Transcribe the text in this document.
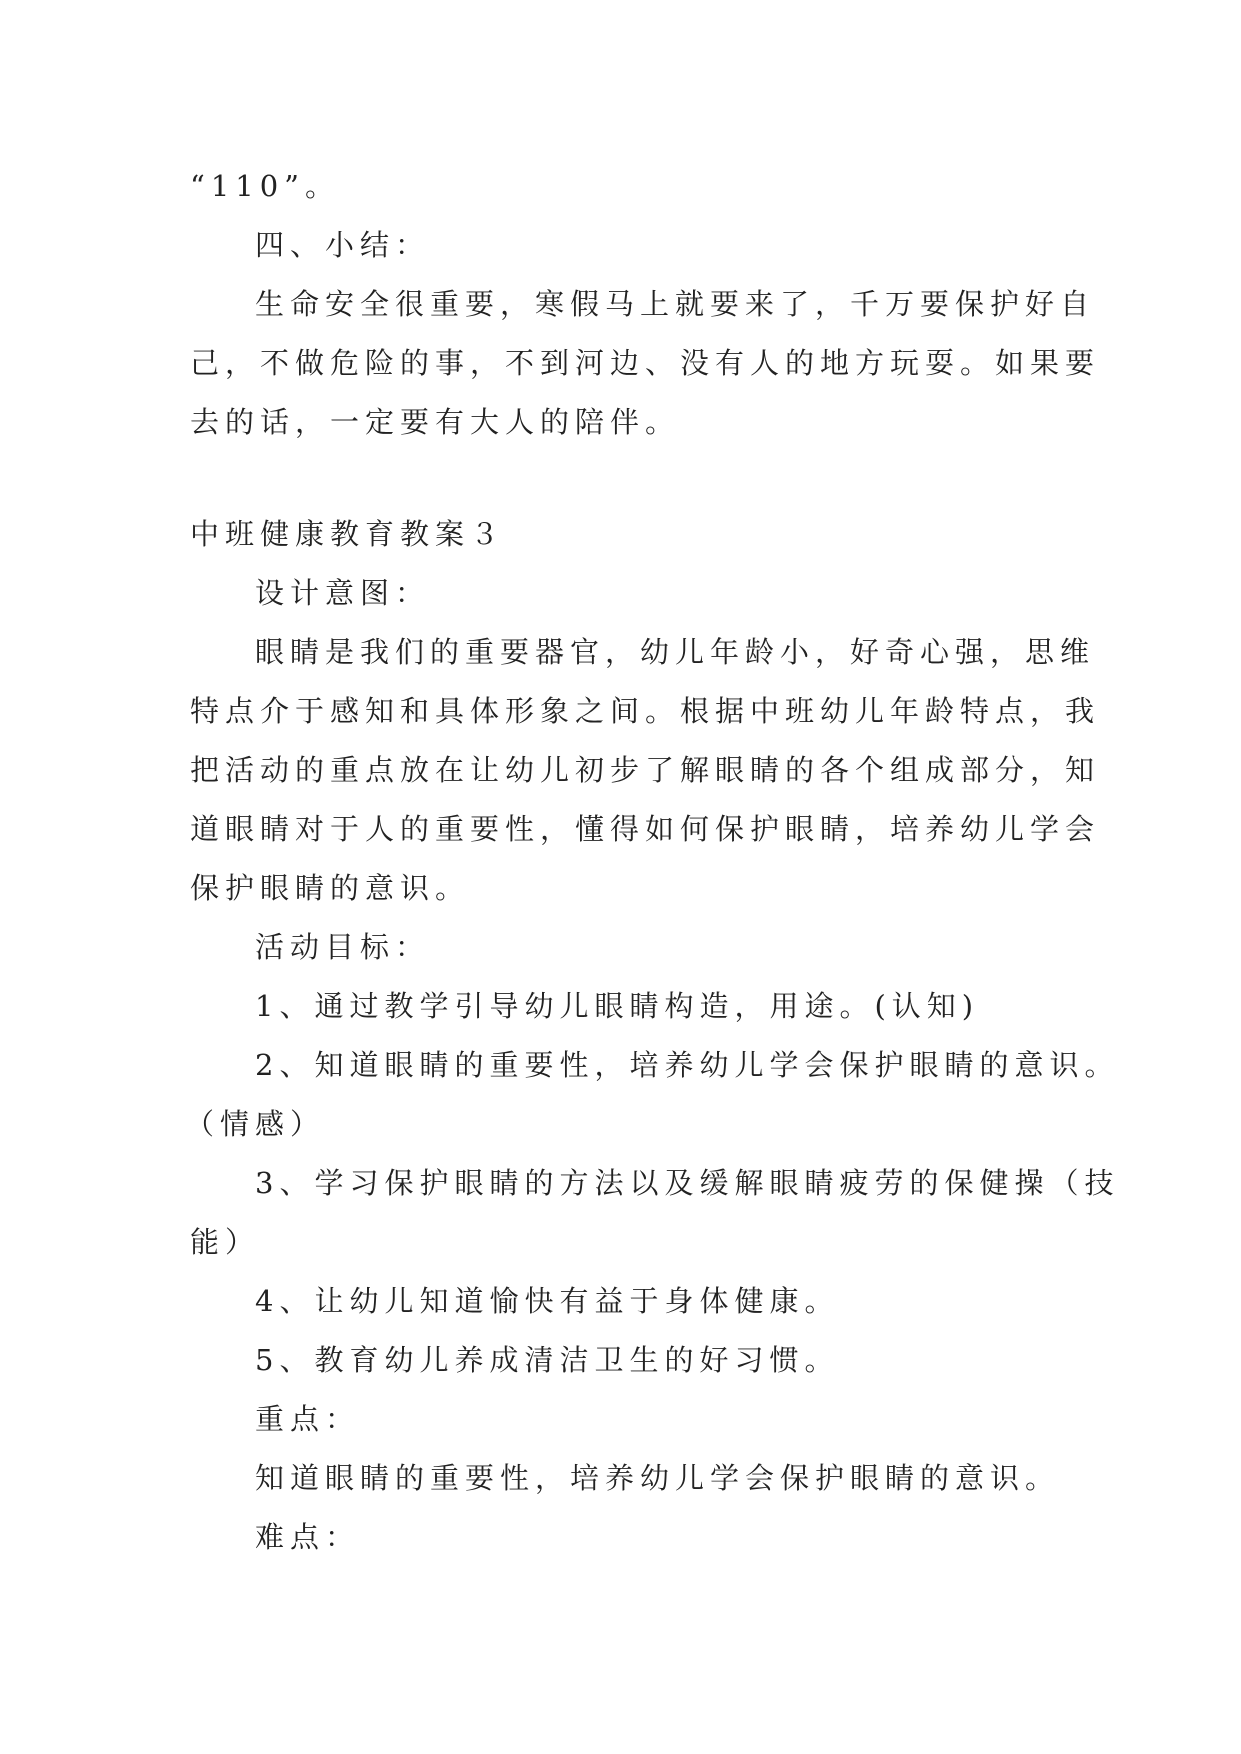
“110”。
四、小结：
生命安全很重要，寒假马上就要来了，千万要保护好自
己，不做危险的事，不到河边、没有人的地方玩耍。如果要
去的话，一定要有大人的陪伴。
中班健康教育教案３
设计意图：
眼睛是我们的重要器官，幼儿年龄小，好奇心强，思维
特点介于感知和具体形象之间。根据中班幼儿年龄特点，我
把活动的重点放在让幼儿初步了解眼睛的各个组成部分，知
道眼睛对于人的重要性，懂得如何保护眼睛，培养幼儿学会
保护眼睛的意识。
活动目标：
1、通过教学引导幼儿眼睛构造，用途。(认知)
2、知道眼睛的重要性，培养幼儿学会保护眼睛的意识。
（情感）
3、学习保护眼睛的方法以及缓解眼睛疲劳的保健操（技
能）
4、让幼儿知道愉快有益于身体健康。
5、教育幼儿养成清洁卫生的好习惯。
重点：
知道眼睛的重要性，培养幼儿学会保护眼睛的意识。
难点：
